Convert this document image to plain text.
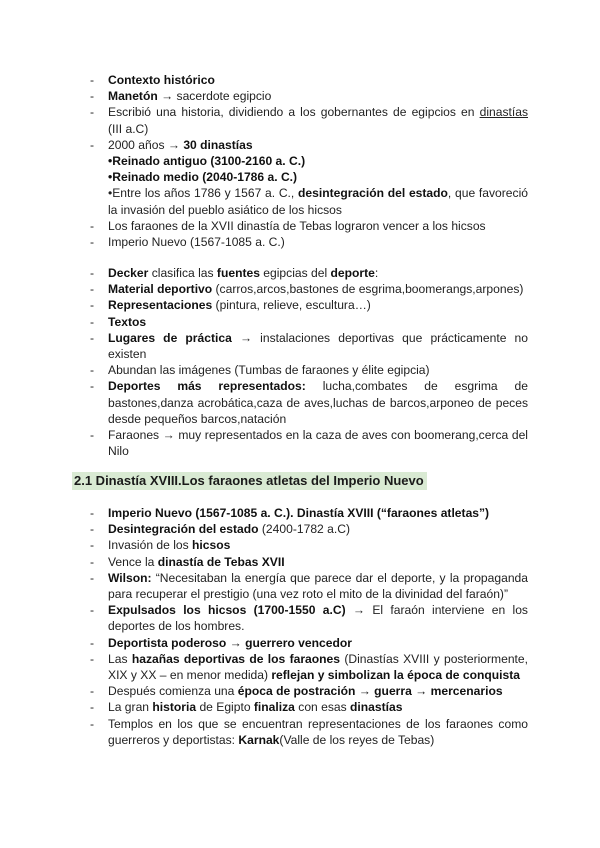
- Contexto histórico
- Manetón → sacerdote egipcio
- Escribió una historia, dividiendo a los gobernantes de egipcios en dinastías (III a.C)
- 2000 años → 30 dinastías
•Reinado antiguo (3100-2160 a. C.)
•Reinado medio (2040-1786 a. C.)
•Entre los años 1786 y 1567 a. C., desintegración del estado, que favoreció la invasión del pueblo asiático de los hicsos
- Los faraones de la XVII dinastía de Tebas lograron vencer a los hicsos
- Imperio Nuevo (1567-1085 a. C.)
- Decker clasifica las fuentes egipcias del deporte:
- Material deportivo (carros,arcos,bastones de esgrima,boomerangs,arpones)
- Representaciones (pintura, relieve, escultura…)
- Textos
- Lugares de práctica → instalaciones deportivas que prácticamente no existen
- Abundan las imágenes (Tumbas de faraones y élite egipcia)
- Deportes más representados: lucha,combates de esgrima de bastones,danza acrobática,caza de aves,luchas de barcos,arponeo de peces desde pequeños barcos,natación
- Faraones → muy representados en la caza de aves con boomerang,cerca del Nilo
2.1 Dinastía XVIII.Los faraones atletas del Imperio Nuevo
- Imperio Nuevo (1567-1085 a. C.). Dinastía XVIII (“faraones atletas”)
- Desintegración del estado (2400-1782 a.C)
- Invasión de los hicsos
- Vence la dinastía de Tebas XVII
- Wilson: “Necesitaban la energía que parece dar el deporte, y la propaganda para recuperar el prestigio (una vez roto el mito de la divinidad del faraón)”
- Expulsados los hicsos (1700-1550 a.C) → El faraón interviene en los deportes de los hombres.
- Deportista poderoso → guerrero vencedor
- Las hazañas deportivas de los faraones (Dinastías XVIII y posteriormente, XIX y XX – en menor medida) reflejan y simbolizan la época de conquista
- Después comienza una época de postración → guerra → mercenarios
- La gran historia de Egipto finaliza con esas dinastías
- Templos en los que se encuentran representaciones de los faraones como guerreros y deportistas: Karnak(Valle de los reyes de Tebas)
